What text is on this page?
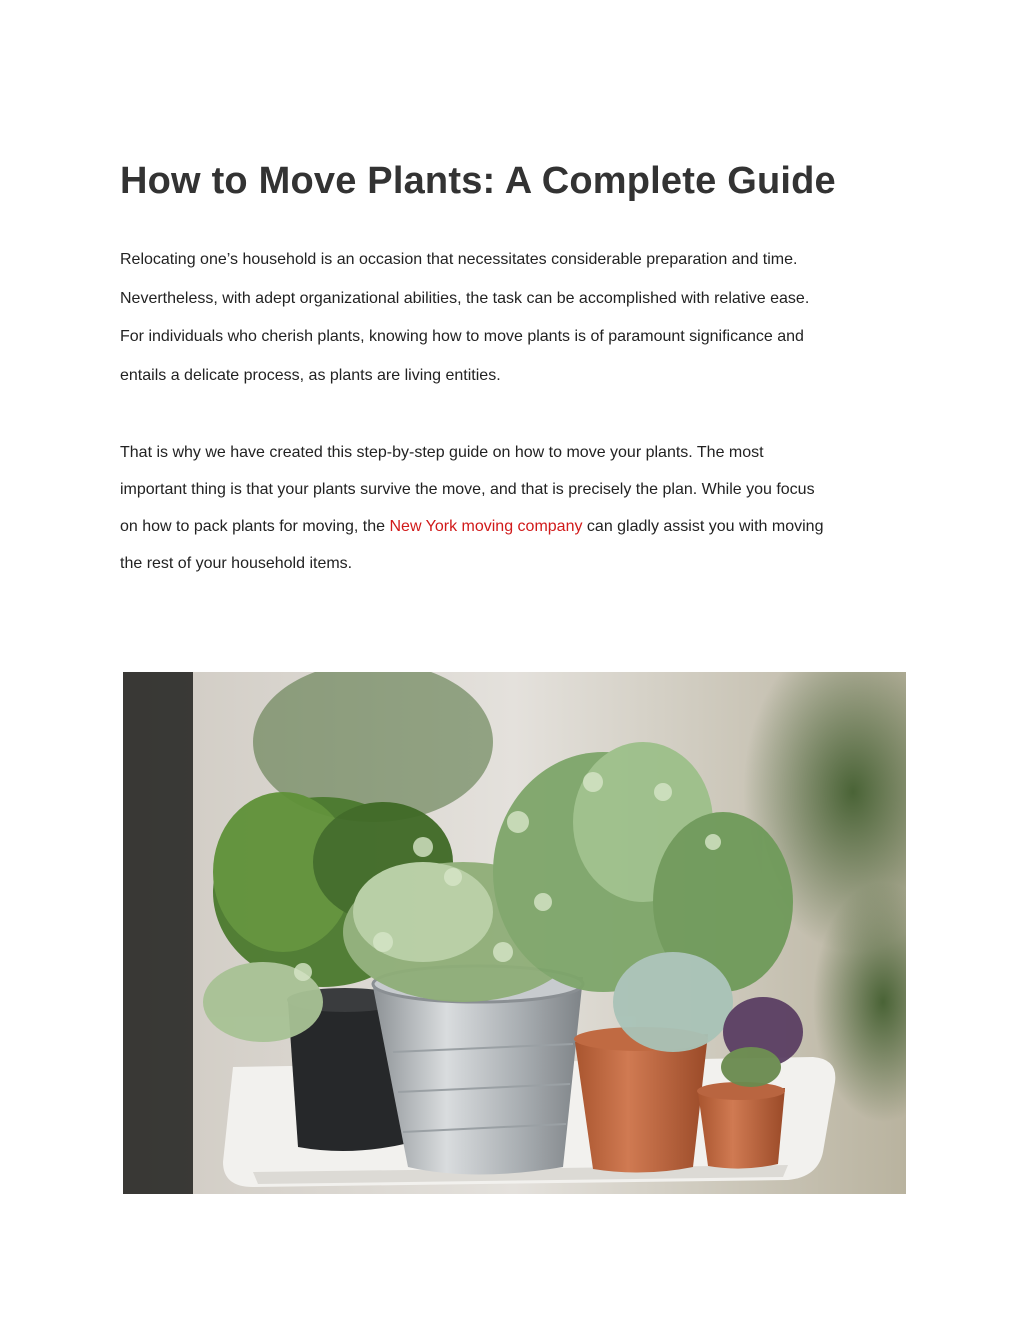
How to Move Plants: A Complete Guide

Relocating one’s household is an occasion that necessitates considerable preparation and time.
Nevertheless, with adept organizational abilities, the task can be accomplished with relative ease.
For individuals who cherish plants, knowing how to move plants is of paramount significance and
entails a delicate process, as plants are living entities.

That is why we have created this step-by-step guide on how to move your plants. The most
important thing is that your plants survive the move, and that is precisely the plan. While you focus
on how to pack plants for moving, the New York moving company can gladly assist you with moving
the rest of your household items.
